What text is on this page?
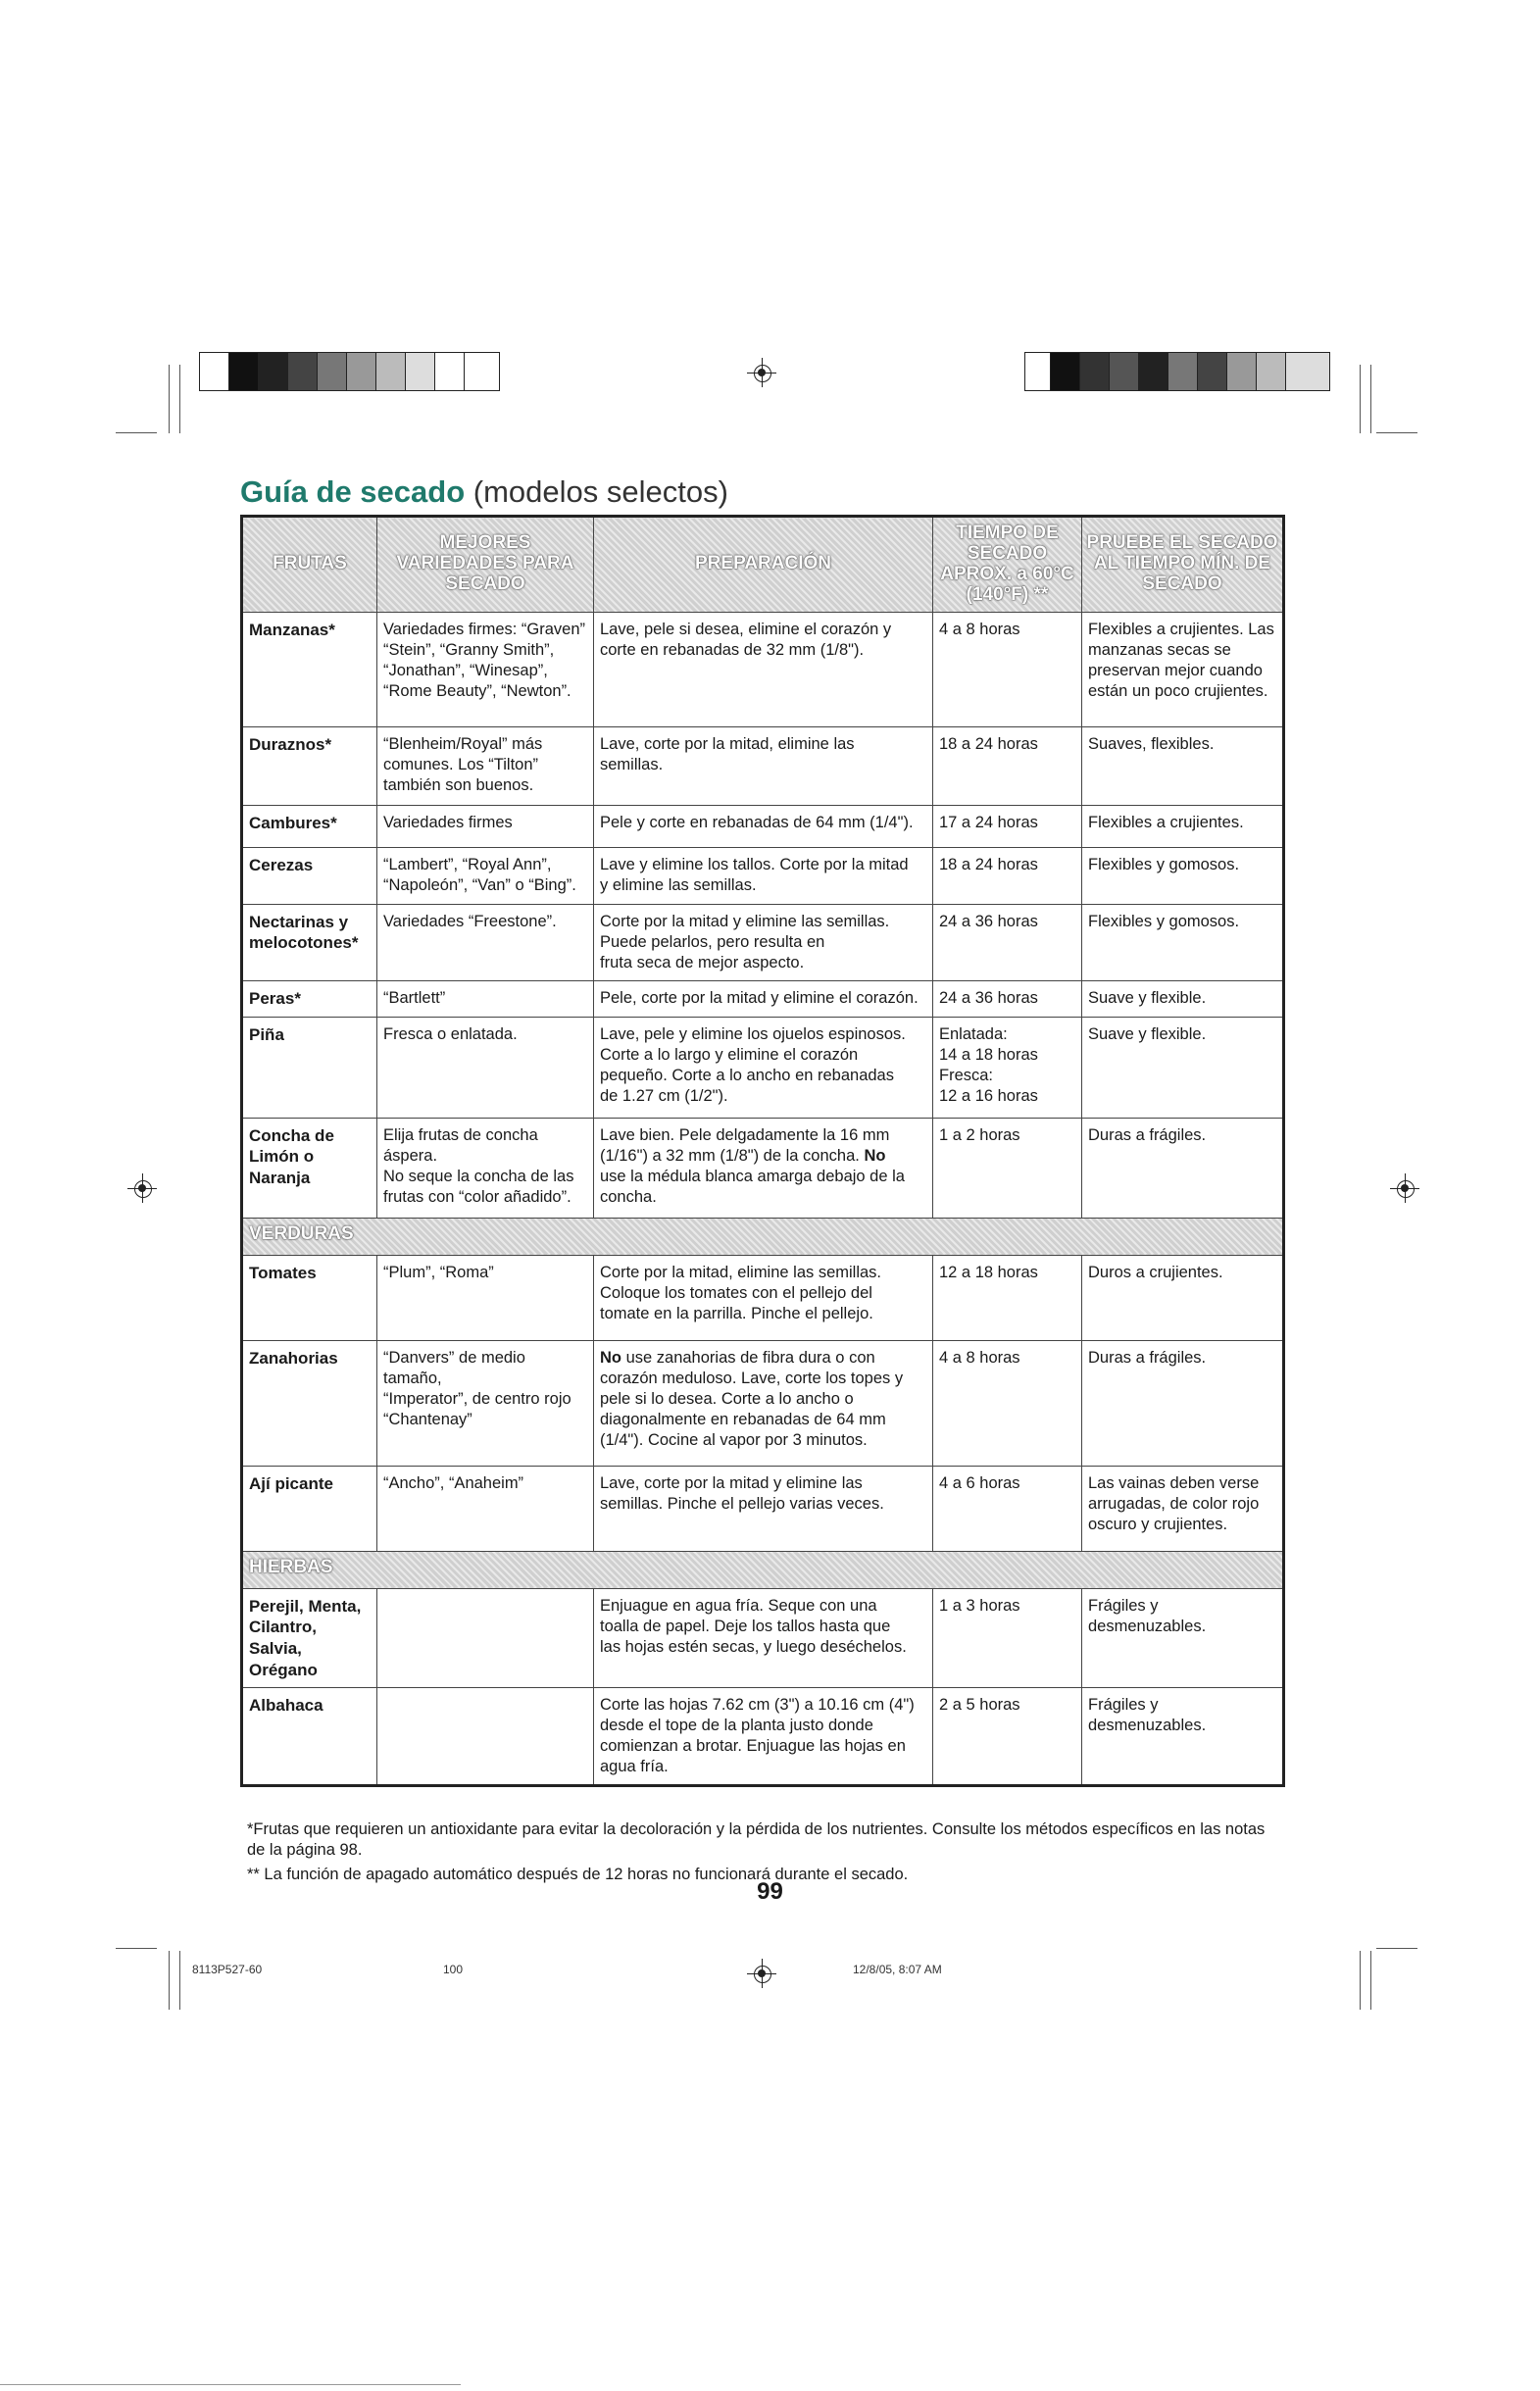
Guía de secado (modelos selectos)
FRUTAS	MEJORES VARIEDADES PARA SECADO	PREPARACIÓN	TIEMPO DE SECADO APROX. a 60°C (140°F) **	PRUEBE EL SECADO AL TIEMPO MÍN. DE SECADO

Manzanas*	Variedades firmes: “Graven”
“Stein”, “Granny Smith”,
“Jonathan”, “Winesap”,
“Rome Beauty”, “Newton”.	Lave, pele si desea, elimine el corazón y
corte en rebanadas de 32 mm (1/8").	4 a 8 horas	Flexibles a crujientes. Las
manzanas secas se
preservan mejor cuando
están un poco crujientes.

Duraznos*	“Blenheim/Royal” más
comunes. Los “Tilton”
también son buenos.	Lave, corte por la mitad, elimine las
semillas.	18 a 24 horas	Suaves, flexibles.

Cambures*	Variedades firmes	Pele y corte en rebanadas de 64 mm (1/4").	17 a 24 horas	Flexibles a crujientes.

Cerezas	“Lambert”, “Royal Ann”,
“Napoleón”, “Van” o “Bing”.	Lave y elimine los tallos. Corte por la mitad
y elimine las semillas.	18 a 24 horas	Flexibles y gomosos.

Nectarinas y
melocotones*	Variedades “Freestone”.	Corte por la mitad y elimine las semillas.
Puede pelarlos, pero resulta en
fruta seca de mejor aspecto.	24 a 36 horas	Flexibles y gomosos.

Peras*	“Bartlett”	Pele, corte por la mitad y elimine el corazón.	24 a 36 horas	Suave y flexible.

Piña	Fresca o enlatada.	Lave, pele y elimine los ojuelos espinosos.
Corte a lo largo y elimine el corazón
pequeño. Corte a lo ancho en rebanadas
de 1.27 cm (1/2").	Enlatada:
14 a 18 horas
Fresca:
12 a 16 horas	Suave y flexible.

Concha de
Limón o
Naranja	Elija frutas de concha áspera.
No seque la concha de las
frutas con “color añadido”.	Lave bien. Pele delgadamente la 16 mm
(1/16") a 32 mm (1/8") de la concha. No
use la médula blanca amarga debajo de la
concha.	1 a 2 horas	Duras a frágiles.

VERDURAS				

Tomates	“Plum”, “Roma”	Corte por la mitad, elimine las semillas.
Coloque los tomates con el pellejo del
tomate en la parrilla. Pinche el pellejo.	12 a 18 horas	Duros a crujientes.

Zanahorias	“Danvers” de medio tamaño,
“Imperator”, de centro rojo
“Chantenay”	No use zanahorias de fibra dura o con
corazón meduloso. Lave, corte los topes y
pele si lo desea. Corte a lo ancho o
diagonalmente en rebanadas de 64 mm
(1/4"). Cocine al vapor por 3 minutos.	4 a 8 horas	Duras a frágiles.

Ají picante	“Ancho”, “Anaheim”	Lave, corte por la mitad y elimine las
semillas. Pinche el pellejo varias veces.	4 a 6 horas	Las vainas deben verse
arrugadas, de color rojo
oscuro y crujientes.

HIERBAS				

Perejil, Menta,
Cilantro, Salvia,
Orégano		Enjuague en agua fría. Seque con una
toalla de papel. Deje los tallos hasta que
las hojas estén secas, y luego deséchelos.	1 a 3 horas	Frágiles y desmenuzables.

Albahaca		Corte las hojas 7.62 cm (3") a 10.16 cm (4")
desde el tope de la planta justo donde
comienzan a brotar. Enjuague las hojas en
agua fría.	2 a 5 horas	Frágiles y desmenuzables.

*Frutas que requieren un antioxidante para evitar la decoloración y la pérdida de los nutrientes. Consulte los métodos específicos en las notas de la página 98.

** La función de apagado automático después de 12 horas no funcionará durante el secado.

99
8113P527-60	100	12/8/05, 8:07 AM
